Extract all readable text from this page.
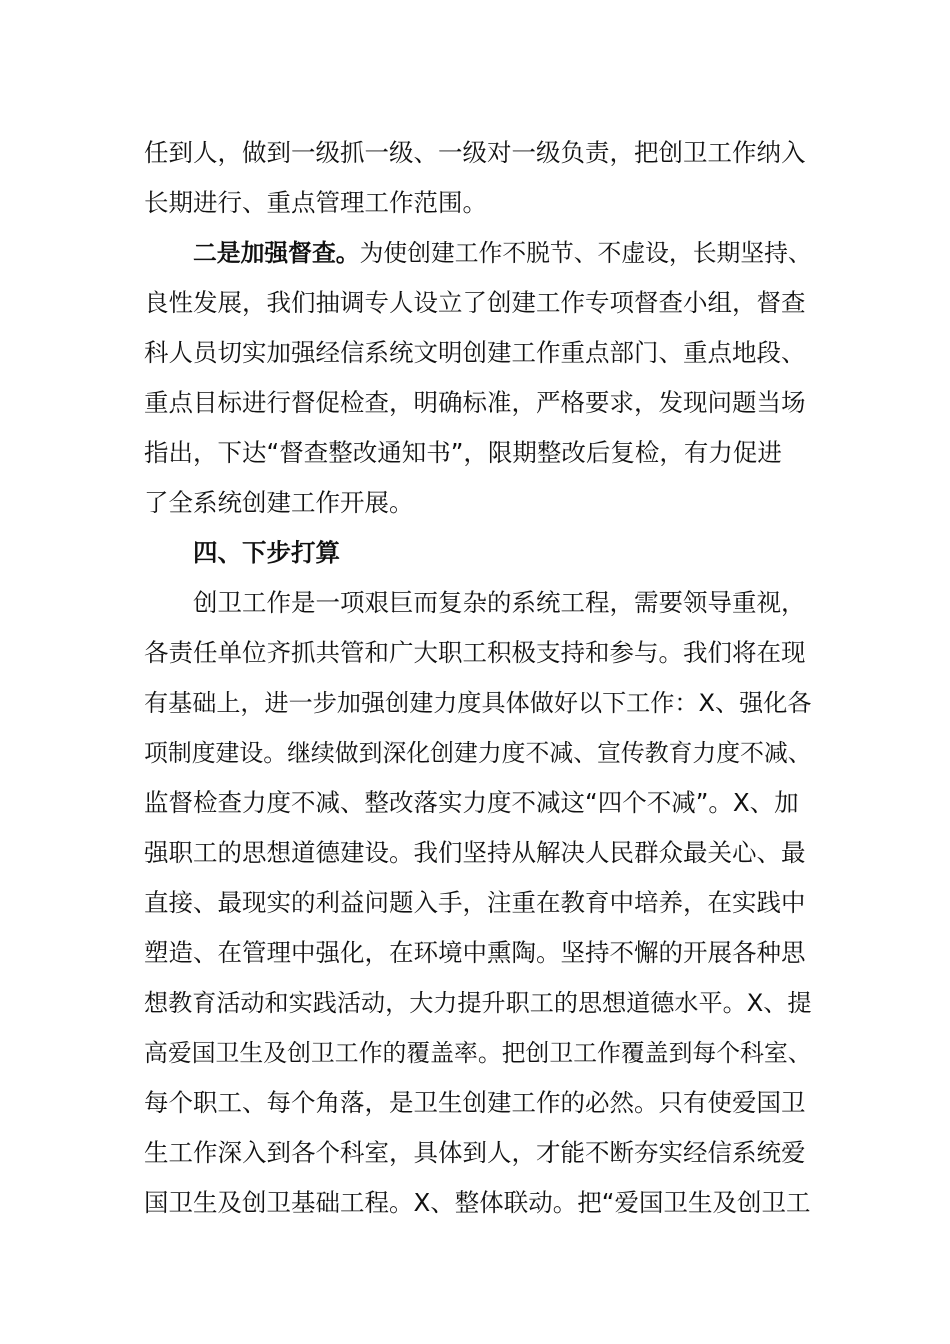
任到人，做到一级抓一级、一级对一级负责，把创卫工作纳入
长期进行、重点管理工作范围。
二是加强督查。为使创建工作不脱节、不虚设，长期坚持、
良性发展，我们抽调专人设立了创建工作专项督查小组，督查
科人员切实加强经信系统文明创建工作重点部门、重点地段、
重点目标进行督促检查，明确标准，严格要求，发现问题当场
指出，下达“督查整改通知书”，限期整改后复检，有力促进
了全系统创建工作开展。
四、下步打算
创卫工作是一项艰巨而复杂的系统工程，需要领导重视，
各责任单位齐抓共管和广大职工积极支持和参与。我们将在现
有基础上，进一步加强创建力度具体做好以下工作：X、强化各
项制度建设。继续做到深化创建力度不减、宣传教育力度不减、
监督检查力度不减、整改落实力度不减这“四个不减”。X、加
强职工的思想道德建设。我们坚持从解决人民群众最关心、最
直接、最现实的利益问题入手，注重在教育中培养，在实践中
塑造、在管理中强化，在环境中熏陶。坚持不懈的开展各种思
想教育活动和实践活动，大力提升职工的思想道德水平。X、提
高爱国卫生及创卫工作的覆盖率。把创卫工作覆盖到每个科室、
每个职工、每个角落，是卫生创建工作的必然。只有使爱国卫
生工作深入到各个科室，具体到人，才能不断夯实经信系统爱
国卫生及创卫基础工程。X、整体联动。把“爱国卫生及创卫工
